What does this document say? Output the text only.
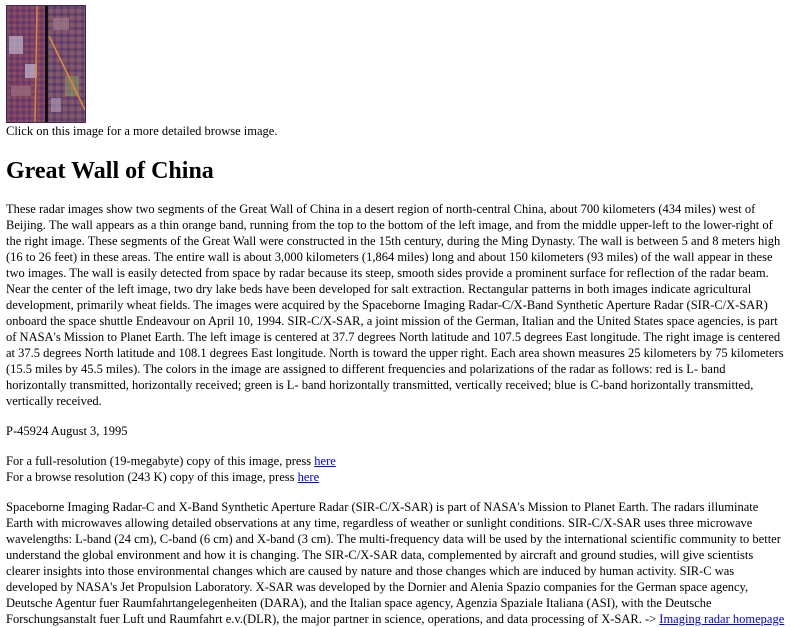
Click on this image for a more detailed browse image.

Great Wall of China

These radar images show two segments of the Great Wall of China in a desert region of north-central China, about 700 kilometers (434 miles) west of Beijing. The wall appears as a thin orange band, running from the top to the bottom of the left image, and from the middle upper-left to the lower-right of the right image. These segments of the Great Wall were constructed in the 15th century, during the Ming Dynasty. The wall is between 5 and 8 meters high (16 to 26 feet) in these areas. The entire wall is about 3,000 kilometers (1,864 miles) long and about 150 kilometers (93 miles) of the wall appear in these two images. The wall is easily detected from space by radar because its steep, smooth sides provide a prominent surface for reflection of the radar beam. Near the center of the left image, two dry lake beds have been developed for salt extraction. Rectangular patterns in both images indicate agricultural development, primarily wheat fields. The images were acquired by the Spaceborne Imaging Radar-C/X-Band Synthetic Aperture Radar (SIR-C/X-SAR) onboard the space shuttle Endeavour on April 10, 1994. SIR-C/X-SAR, a joint mission of the German, Italian and the United States space agencies, is part of NASA's Mission to Planet Earth. The left image is centered at 37.7 degrees North latitude and 107.5 degrees East longitude. The right image is centered at 37.5 degrees North latitude and 108.1 degrees East longitude. North is toward the upper right. Each area shown measures 25 kilometers by 75 kilometers (15.5 miles by 45.5 miles). The colors in the image are assigned to different frequencies and polarizations of the radar as follows: red is L- band horizontally transmitted, horizontally received; green is L- band horizontally transmitted, vertically received; blue is C-band horizontally transmitted, vertically received.

P-45924 August 3, 1995

For a full-resolution (19-megabyte) copy of this image, press here

For a browse resolution (243 K) copy of this image, press here

Spaceborne Imaging Radar-C and X-Band Synthetic Aperture Radar (SIR-C/X-SAR) is part of NASA's Mission to Planet Earth. The radars illuminate Earth with microwaves allowing detailed observations at any time, regardless of weather or sunlight conditions. SIR-C/X-SAR uses three microwave wavelengths: L-band (24 cm), C-band (6 cm) and X-band (3 cm). The multi-frequency data will be used by the international scientific community to better understand the global environment and how it is changing. The SIR-C/X-SAR data, complemented by aircraft and ground studies, will give scientists clearer insights into those environmental changes which are caused by nature and those changes which are induced by human activity. SIR-C was developed by NASA's Jet Propulsion Laboratory. X-SAR was developed by the Dornier and Alenia Spazio companies for the German space agency, Deutsche Agentur fuer Raumfahrtangelegenheiten (DARA), and the Italian space agency, Agenzia Spaziale Italiana (ASI), with the Deutsche Forschungsanstalt fuer Luft und Raumfahrt e.v.(DLR), the major partner in science, operations, and data processing of X-SAR. -> Imaging radar homepage
